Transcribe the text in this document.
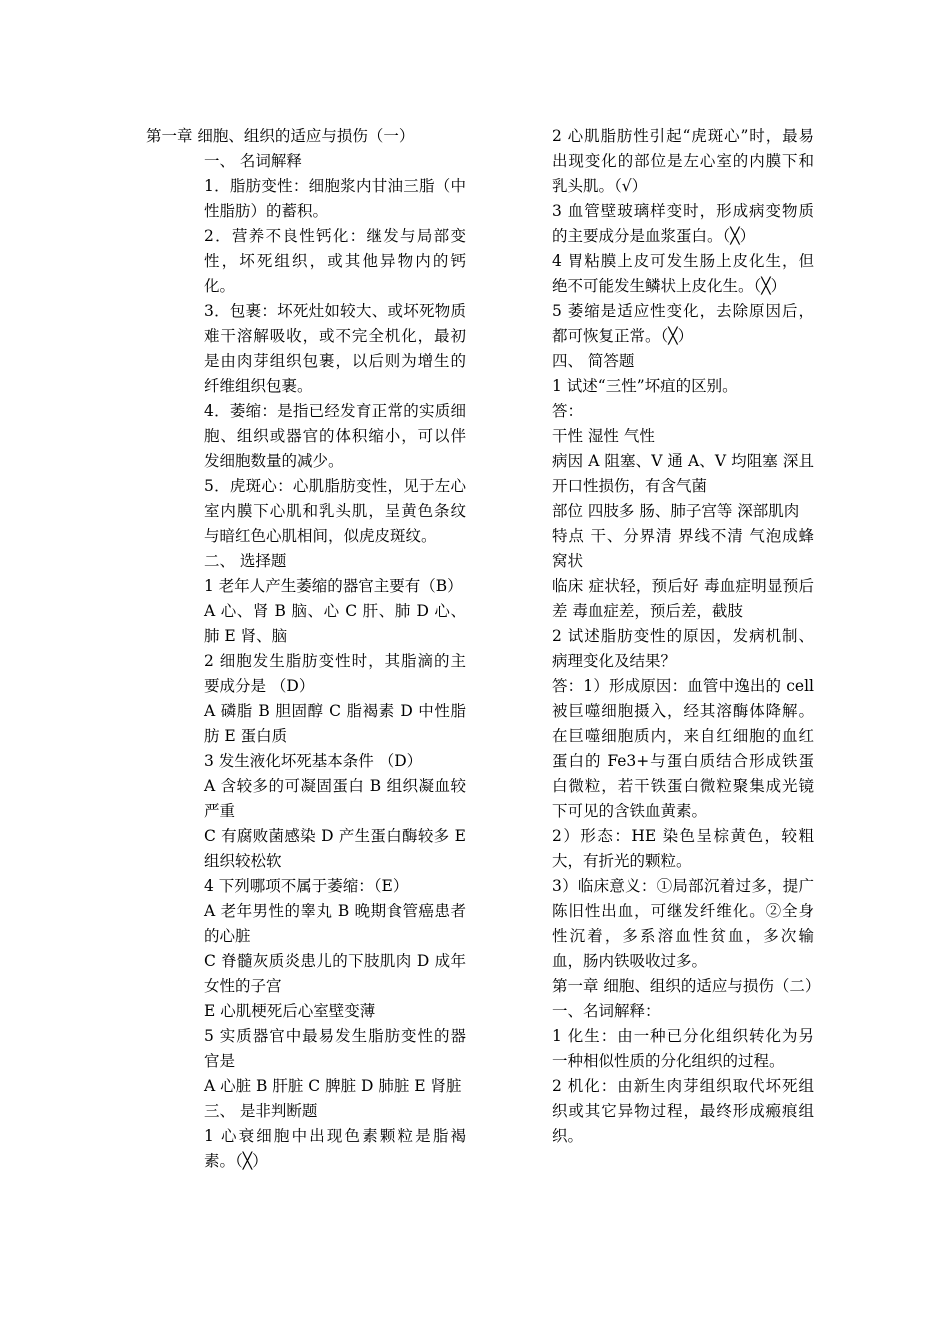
第一章 细胞、组织的适应与损伤（一）

一、 名词解释

1．脂肪变性：细胞浆内甘油三脂（中性脂肪）的蓄积。

2．营养不良性钙化：继发与局部变性，坏死组织，或其他异物内的钙化。

3．包裹：坏死灶如较大、或坏死物质难干溶解吸收，或不完全机化，最初是由肉芽组织包裹，以后则为增生的纤维组织包裹。

4．萎缩：是指已经发育正常的实质细胞、组织或器官的体积缩小，可以伴发细胞数量的减少。

5．虎斑心：心肌脂肪变性，见于左心室内膜下心肌和乳头肌，呈黄色条纹与暗红色心肌相间，似虎皮斑纹。

二、 选择题

1 老年人产生萎缩的器官主要有（B）

A 心、肾 B 脑、心 C 肝、肺 D 心、肺 E 肾、脑

2 细胞发生脂肪变性时，其脂滴的主要成分是 （D）

A 磷脂 B 胆固醇 C 脂褐素 D 中性脂肪 E 蛋白质

3 发生液化坏死基本条件 （D）

A 含较多的可凝固蛋白 B 组织凝血较严重

C 有腐败菌感染 D 产生蛋白酶较多 E 组织较松软

4 下列哪项不属于萎缩：（E）

A 老年男性的睾丸 B 晚期食管癌患者的心脏

C 脊髓灰质炎患儿的下肢肌肉 D 成年女性的子宫

E 心肌梗死后心室壁变薄

5 实质器官中最易发生脂肪变性的器官是

A 心脏 B 肝脏 C 脾脏 D 肺脏 E 肾脏

三、 是非判断题

1 心衰细胞中出现色素颗粒是脂褐素。（╳）

2 心肌脂肪性引起“虎斑心”时，最易出现变化的部位是左心室的内膜下和乳头肌。（√）

3 血管壁玻璃样变时，形成病变物质的主要成分是血浆蛋白。（╳）

4 胃粘膜上皮可发生肠上皮化生，但绝不可能发生鳞状上皮化生。（╳）

5 萎缩是适应性变化，去除原因后，都可恢复正常。（╳）

四、 简答题

1 试述“三性”坏疽的区别。

答：

干性 湿性 气性

病因 A 阻塞、V 通 A、V 均阻塞 深且开口性损伤，有含气菌

部位 四肢多 肠、肺子宫等 深部肌肉

特点 干、分界清 界线不清 气泡成蜂窝状

临床 症状轻，预后好 毒血症明显预后差 毒血症差，预后差，截肢

2 试述脂肪变性的原因，发病机制、病理变化及结果？

答：1）形成原因：血管中逸出的 cell 被巨噬细胞摄入，经其溶酶体降解。在巨噬细胞质内，来自红细胞的血红蛋白的 Fe3+与蛋白质结合形成铁蛋白微粒，若干铁蛋白微粒聚集成光镜下可见的含铁血黄素。

2）形态：HE 染色呈棕黄色，较粗大，有折光的颗粒。

3）临床意义：①局部沉着过多，提广陈旧性出血，可继发纤维化。②全身性沉着，多系溶血性贫血，多次输血，肠内铁吸收过多。

第一章 细胞、组织的适应与损伤（二）

一、名词解释：

1 化生：由一种已分化组织转化为另一种相似性质的分化组织的过程。

2 机化：由新生肉芽组织取代坏死组织或其它异物过程，最终形成瘢痕组织。
